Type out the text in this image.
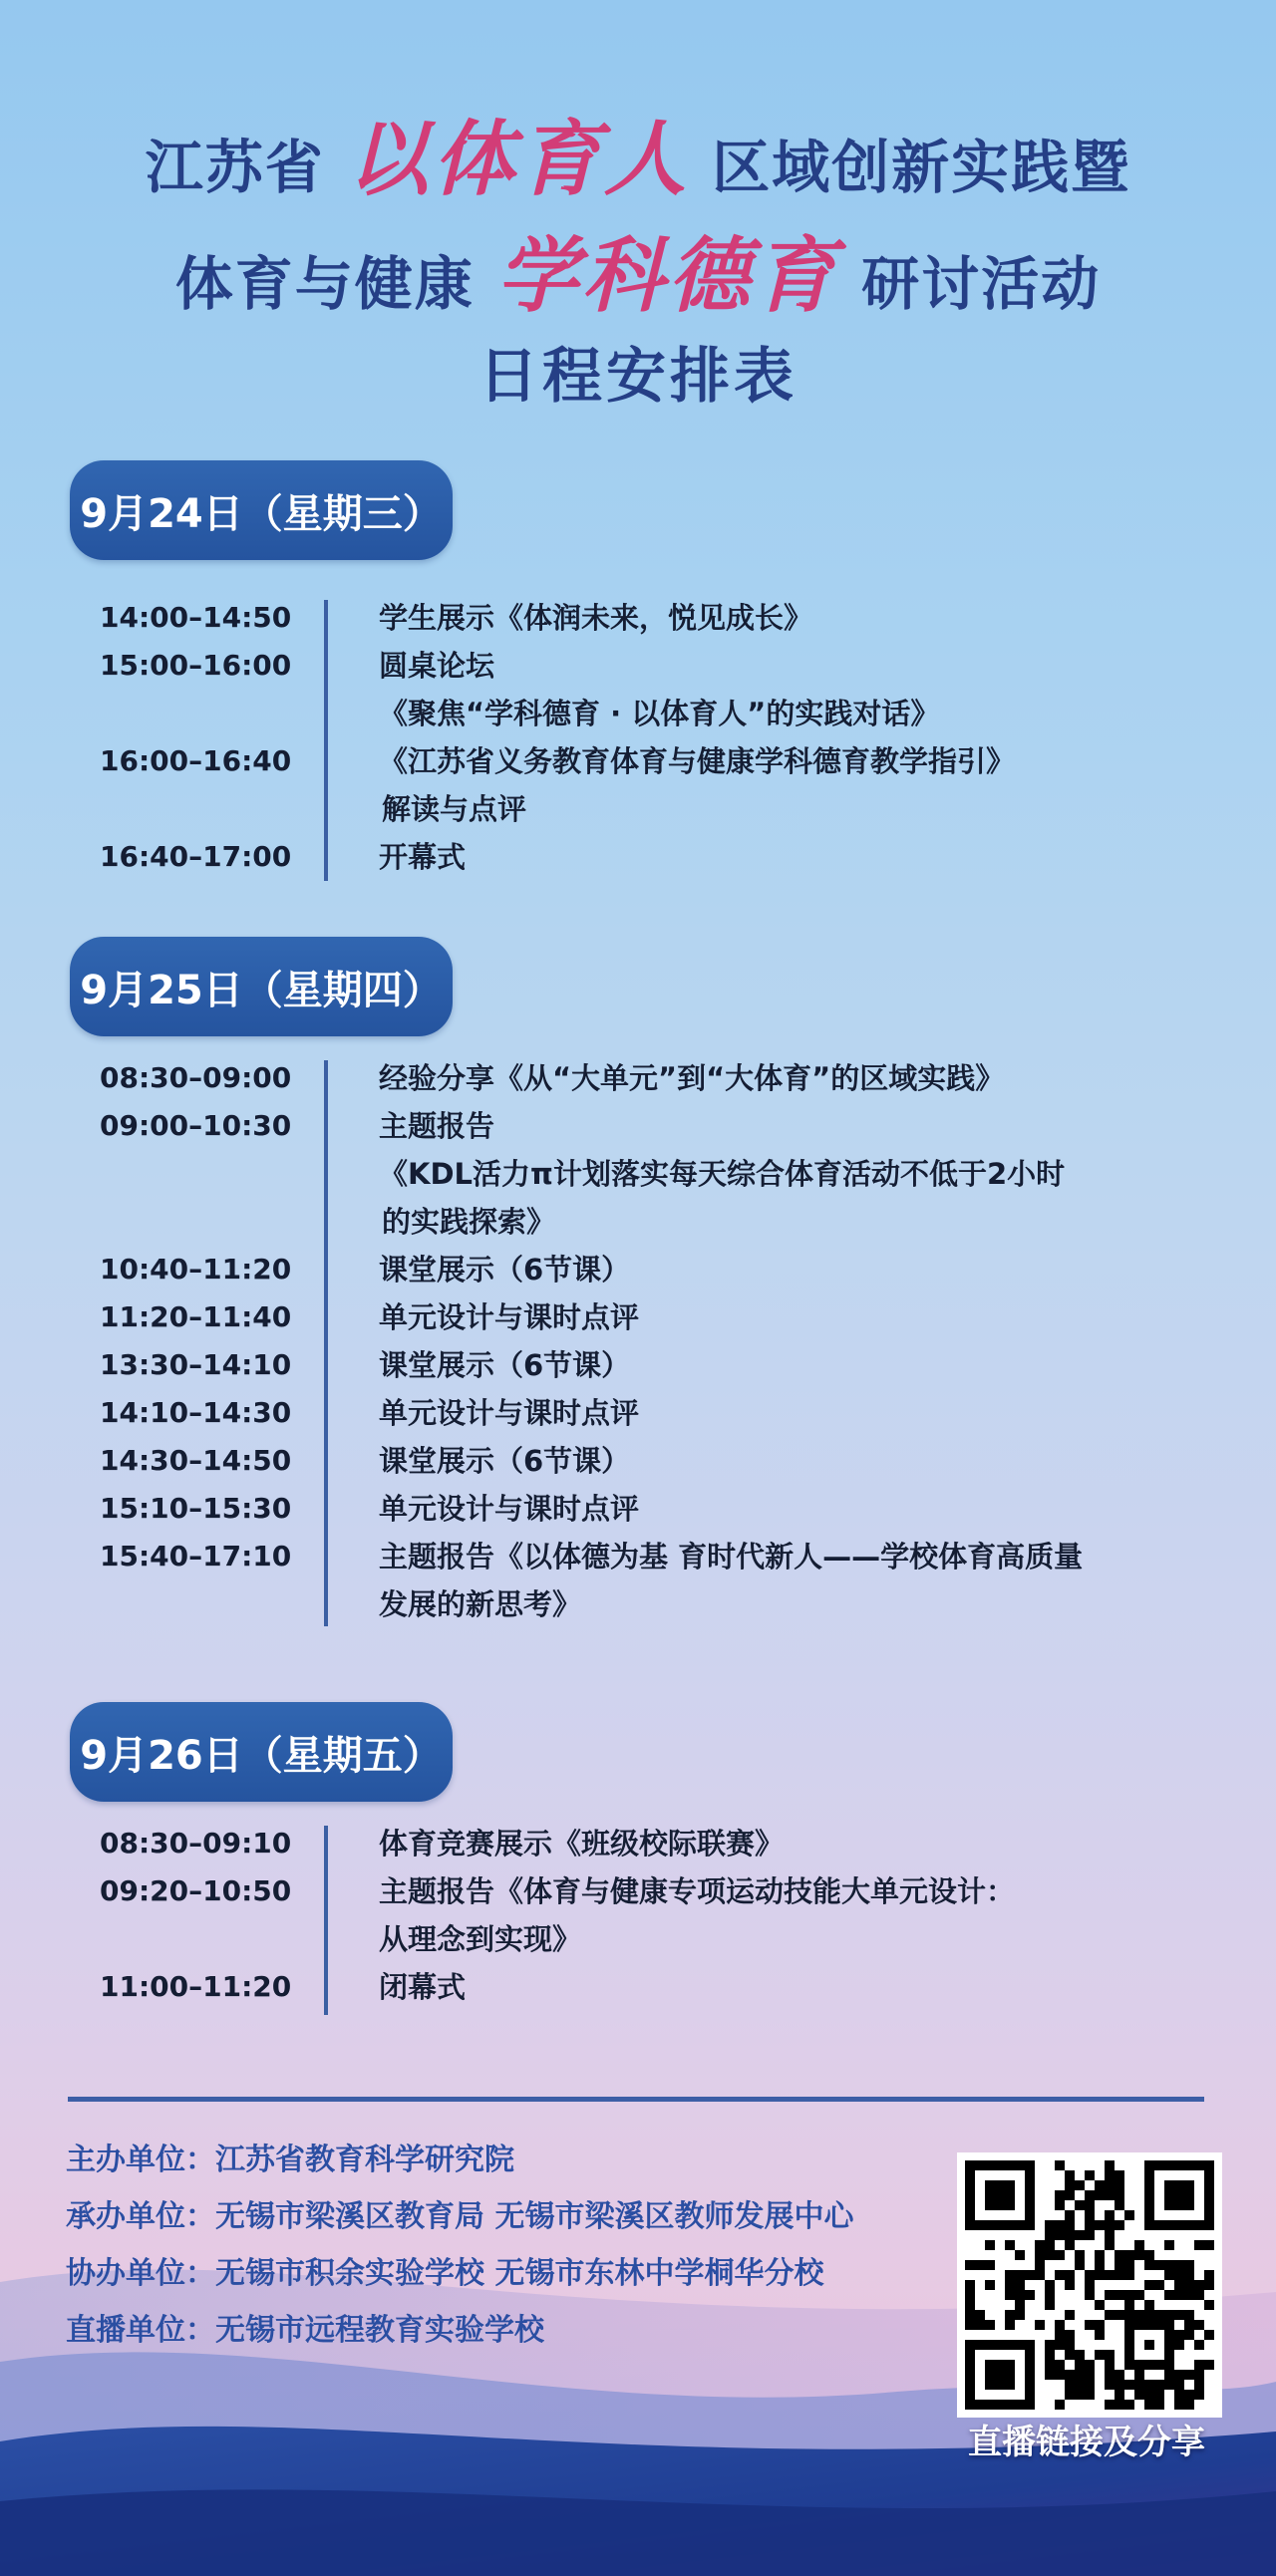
江苏省 以体育人 区域创新实践暨
体育与健康 学科德育 研讨活动
日程安排表
9月24日（星期三）
14:00–14:50	学生展示《体润未来，悦见成长》
15:00–16:00	圆桌论坛
《聚焦“学科德育 · 以体育人”的实践对话》
16:00–16:40	《江苏省义务教育体育与健康学科德育教学指引》
解读与点评
16:40–17:00	开幕式
9月25日（星期四）
08:30–09:00	经验分享《从“大单元”到“大体育”的区域实践》
09:00–10:30	主题报告
《KDL活力π计划落实每天综合体育活动不低于2小时
的实践探索》
10:40–11:20	课堂展示（6节课）
11:20–11:40	单元设计与课时点评
13:30–14:10	课堂展示（6节课）
14:10–14:30	单元设计与课时点评
14:30–14:50	课堂展示（6节课）
15:10–15:30	单元设计与课时点评
15:40–17:10	主题报告《以体德为基 育时代新人——学校体育高质量
发展的新思考》
9月26日（星期五）
08:30–09:10	体育竞赛展示《班级校际联赛》
09:20–10:50	主题报告《体育与健康专项运动技能大单元设计：
从理念到实现》
11:00–11:20	闭幕式
主办单位：江苏省教育科学研究院
承办单位：无锡市梁溪区教育局 无锡市梁溪区教师发展中心
协办单位：无锡市积余实验学校 无锡市东林中学桐华分校
直播单位：无锡市远程教育实验学校
直播链接及分享
